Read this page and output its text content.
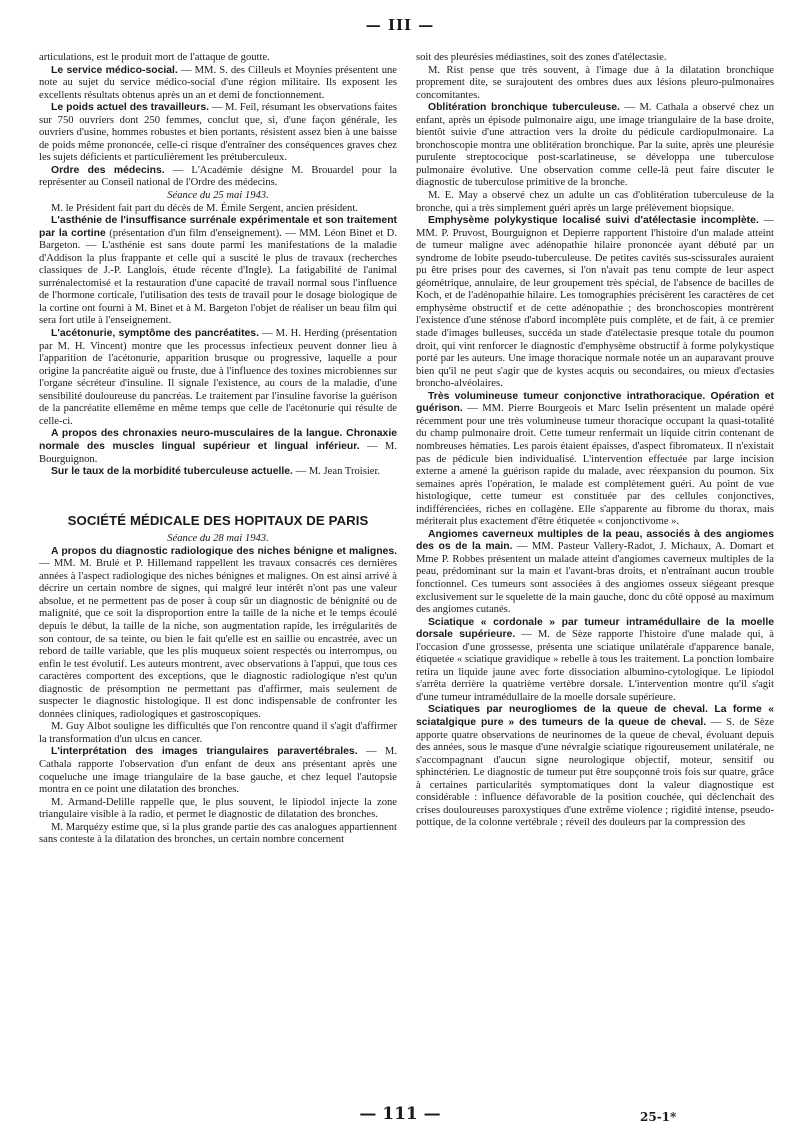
— III —

articulations, est le produit mort de l'attaque de goutte.

Le service médico-social. — MM. S. des Cilleuls et Moynies présentent une note au sujet du service médico-social d'une région militaire. Ils exposent les excellents résultats obtenus après un an et demi de fonctionnement.

Le poids actuel des travailleurs. — M. Feil, résumant les observations faites sur 750 ouvriers dont 250 femmes, conclut que, si, d'une façon générale, les ouvriers d'usine, hommes robustes et bien portants, résistent assez bien à une baisse de poids même prononcée, celle-ci risque d'entraîner des conséquences graves chez les sujets déficients et particulièrement les prétuberculeux.

Ordre des médecins. — L'Académie désigne M. Brouardel pour la représenter au Conseil national de l'Ordre des médecins.

Séance du 25 mai 1943.

M. le Président fait part du décès de M. Émile Sergent, ancien président.

L'asthénie de l'insuffisance surrénale expérimentale et son traitement par la cortine (présentation d'un film d'enseignement). — MM. Léon Binet et D. Bargeton. — L'asthénie est sans doute parmi les manifestations de la maladie d'Addison la plus frappante et celle qui a suscité le plus de travaux (recherches classiques de J.-P. Langlois, étude récente d'Ingle). La fatigabilité de l'animal surrénalectomisé et la restauration d'une capacité de travail normal sous l'influence de l'hormone corticale, l'utilisation des tests de travail pour le dosage biologique de la cortine ont fourni à M. Binet et à M. Bargeton l'objet de réaliser un beau film qui sera fort utile à l'enseignement.

L'acétonurie, symptôme des pancréatites. — M. H. Herding (présentation par M. H. Vincent) montre que les processus infectieux peuvent donner lieu à l'apparition de l'acétonurie, apparition brusque ou progressive, laquelle a pour origine la pancréatite aiguë ou fruste, due à l'influence des toxines microbiennes sur l'organe sécréteur d'insuline. Il signale l'existence, au cours de la maladie, d'une sensibilité douloureuse du pancréas. Le traitement par l'insuline favorise la guérison de la pancréatite ellemême en même temps que celle de l'acétonurie qui résulte de celle-ci.

A propos des chronaxies neuro-musculaires de la langue. Chronaxie normale des muscles lingual supérieur et lingual inférieur. — M. Bourguignon.

Sur le taux de la morbidité tuberculeuse actuelle. — M. Jean Troisier.

SOCIÉTÉ MÉDICALE DES HOPITAUX DE PARIS

Séance du 28 mai 1943.

A propos du diagnostic radiologique des niches bénigne et malignes. — MM. M. Brulé et P. Hillemand rappellent les travaux consacrés ces dernières années à l'aspect radiologique des niches bénignes et malignes. On est ainsi arrivé à décrire un certain nombre de signes, qui malgré leur intérêt n'ont pas une valeur absolue, et ne permettent pas de poser à coup sûr un diagnostic de bénignité ou de malignité, que ce soit la disproportion entre la taille de la niche et le temps écoulé depuis le début, la taille de la niche, son augmentation rapide, les irrégularités de son contour, de sa teinte, ou bien le fait qu'elle est en saillie ou encastrée, avec un rebord de taille variable, que les plis muqueux soient respectés ou interrompus, ou enfin le test évolutif. Les auteurs montrent, avec observations à l'appui, que tous ces caractères comportent des exceptions, que le diagnostic radiologique n'est qu'un diagnostic de présomption ne permettant pas d'affirmer, mais seulement de suspecter le diagnostic histologique. Il est donc indispensable de confronter les données cliniques, radiologiques et gastroscopiques.

M. Guy Albot souligne les difficultés que l'on rencontre quand il s'agit d'affirmer la transformation d'un ulcus en cancer.

L'interprétation des images triangulaires paravertébrales. — M. Cathala rapporte l'observation d'un enfant de deux ans présentant après une coqueluche une image triangulaire de la base gauche, et chez lequel l'autopsie montra en ce point une dilatation des bronches.

M. Armand-Delille rappelle que, le plus souvent, le lipiodol injecte la zone triangulaire visible à la radio, et permet le diagnostic de dilatation des bronches.

M. Marquézy estime que, si la plus grande partie des cas analogues appartiennent sans conteste à la dilatation des bronches, un certain nombre concernent

soit des pleurésies médiastines, soit des zones d'atélectasie.

M. Rist pense que très souvent, à l'image due à la dilatation bronchique proprement dite, se surajoutent des ombres dues aux lésions pleuro-pulmonaires concomitantes.

Oblitération bronchique tuberculeuse. — M. Cathala a observé chez un enfant, après un épisode pulmonaire aigu, une image triangulaire de la base droite, bientôt suivie d'une attraction vers la droite du pédicule cardiopulmonaire. La bronchoscopie montra une oblitération bronchique. Par la suite, après une pleurésie purulente streptococique post-scarlatineuse, se développa une tuberculose pulmonaire évolutive. Une observation comme celle-là peut faire discuter le diagnostic de tuberculose primitive de la bronche.

M. E. May a observé chez un adulte un cas d'oblitération tuberculeuse de la bronche, qui a très simplement guéri après un large prélèvement biopsique.

Emphysème polykystique localisé suivi d'atélectasie incomplète. — MM. P. Pruvost, Bourguignon et Depierre rapportent l'histoire d'un malade atteint de tumeur maligne avec adénopathie hilaire prononcée ayant débuté par un syndrome de lobite pseudo-tuberculeuse. De petites cavités sus-scissurales auraient pu être prises pour des cavernes, si l'on n'avait pas tenu compte de leur aspect géométrique, annulaire, de leur groupement très spécial, de l'absence de bacilles de Koch, et de l'adénopathie hilaire. Les tomographies précisèrent les caractères de cet emphysème obstructif et de cette adénopathie ; des bronchoscopies montrèrent l'existence d'une sténose d'abord incomplète puis complète, et de fait, à ce premier stade d'images bulleuses, succéda un stade d'atélectasie presque totale du poumon droit, qui vint renforcer le diagnostic d'emphysème obstructif à forme polykystique porté par les auteurs. Une image thoracique normale notée un an auparavant prouve bien qu'il ne peut s'agir que de kystes acquis ou secondaires, ou mieux d'ectasies broncho-alvéolaires.

Très volumineuse tumeur conjonctive intrathoracique. Opération et guérison. — MM. Pierre Bourgeois et Marc Iselin présentent un malade opéré récemment pour une très volumineuse tumeur thoracique occupant la quasi-totalité du champ pulmonaire droit. Cette tumeur renfermait un liquide citrin contenant de nombreuses hématies. Les parois étaient épaisses, d'aspect fibromateux. Il n'existait pas de pédicule bien individualisé. L'intervention effectuée par large incision externe a amené la guérison rapide du malade, avec réexpansion du poumon. Six semaines après l'opération, le malade est complètement guéri. Au point de vue histologique, cette tumeur est constituée par des cellules conjonctives, indifférenciées, riches en collagène. Elle s'apparente au fibrome du thorax, mais mériterait plus exactement d'être étiquetée « conjonctivome ».

Angiomes caverneux multiples de la peau, associés à des angiomes des os de la main. — MM. Pasteur Vallery-Radot, J. Michaux, A. Domart et Mme P. Robbes présentent un malade atteint d'angiomes caverneux multiples de la peau, prédominant sur la main et l'avant-bras droits, et n'entraînant aucun trouble fonctionnel. Ces tumeurs sont associées à des angiomes osseux siégeant presque exclusivement sur le squelette de la main gauche, donc du côté opposé au maximum des angiomes cutanés.

Sciatique « cordonale » par tumeur intramédullaire de la moelle dorsale supérieure. — M. de Sèze rapporte l'histoire d'une malade qui, à l'occasion d'une grossesse, présenta une sciatique unilatérale d'apparence banale, étiquetée « sciatique gravidique » rebelle à tous les traitement. La ponction lombaire retira un liquide jaune avec forte dissociation albumino-cytologique. Le lipiodol s'arrêta derrière la quatrième vertèbre dorsale. L'intervention montre qu'il s'agit d'une tumeur intramédullaire de la moelle dorsale supérieure.

Sciatiques par neurogliomes de la queue de cheval. La forme « sciatalgique pure » des tumeurs de la queue de cheval. — S. de Sèze apporte quatre observations de neurinomes de la queue de cheval, évoluant depuis des années, sous le masque d'une névralgie sciatique rigoureusement unilatérale, ne s'accompagnant d'aucun signe neurologique objectif, moteur, sensitif ou sphinctérien. Le diagnostic de tumeur put être soupçonné trois fois sur quatre, grâce à certaines particularités symptomatiques dont la valeur diagnostique est considérable : influence défavorable de la position couchée, qui déclenchait des crises douloureuses paroxystiques d'une extrême violence ; rigidité intense, pseudo-pottique, de la colonne vertébrale ; réveil des douleurs par la compression des

— 111 —	25-1*
